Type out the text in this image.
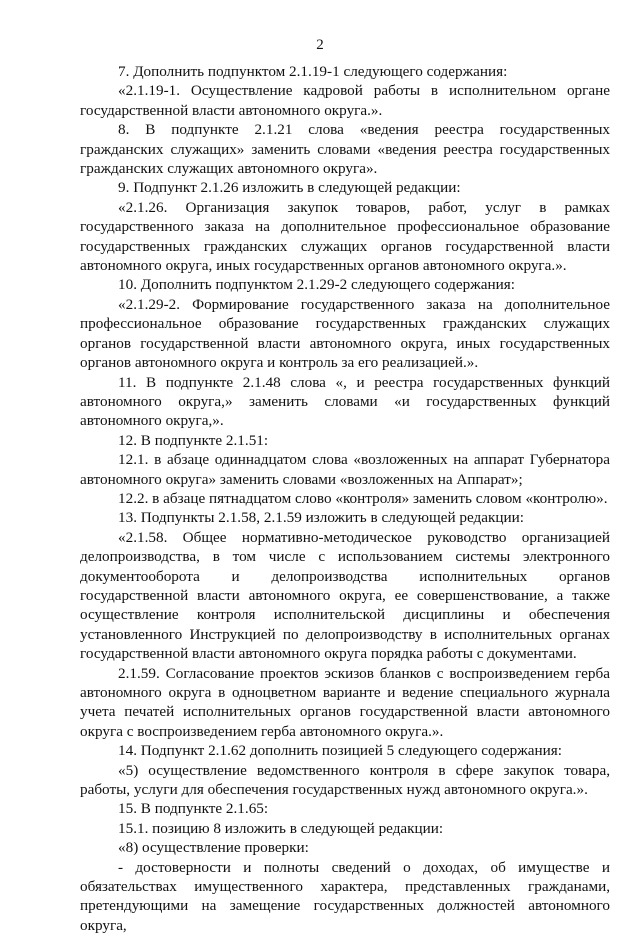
2

7. Дополнить подпунктом 2.1.19-1 следующего содержания:

«2.1.19-1. Осуществление кадровой работы в исполнительном органе государственной власти автономного округа.».

8. В подпункте 2.1.21 слова «ведения реестра государственных гражданских служащих» заменить словами «ведения реестра государственных гражданских служащих автономного округа».

9. Подпункт 2.1.26 изложить в следующей редакции:

«2.1.26. Организация закупок товаров, работ, услуг в рамках государственного заказа на дополнительное профессиональное образование государственных гражданских служащих органов государственной власти автономного округа, иных государственных органов автономного округа.».

10. Дополнить подпунктом 2.1.29-2 следующего содержания:

«2.1.29-2. Формирование государственного заказа на дополнительное профессиональное образование государственных гражданских служащих органов государственной власти автономного округа, иных государственных органов автономного округа и контроль за его реализацией.».

11. В подпункте 2.1.48 слова «, и реестра государственных функций автономного округа,» заменить словами «и государственных функций автономного округа,».

12. В подпункте 2.1.51:

12.1. в абзаце одиннадцатом слова «возложенных на аппарат Губернатора автономного округа» заменить словами «возложенных на Аппарат»;

12.2. в абзаце пятнадцатом слово «контроля» заменить словом «контролю».

13. Подпункты 2.1.58, 2.1.59 изложить в следующей редакции:

«2.1.58. Общее нормативно-методическое руководство организацией делопроизводства, в том числе с использованием системы электронного документооборота и делопроизводства исполнительных органов государственной власти автономного округа, ее совершенствование, а также осуществление контроля исполнительской дисциплины и обеспечения установленного Инструкцией по делопроизводству в исполнительных органах государственной власти автономного округа порядка работы с документами.

2.1.59. Согласование проектов эскизов бланков с воспроизведением герба автономного округа в одноцветном варианте и ведение специального журнала учета печатей исполнительных органов государственной власти автономного округа с воспроизведением герба автономного округа.».

14. Подпункт 2.1.62 дополнить позицией 5 следующего содержания:

«5) осуществление ведомственного контроля в сфере закупок товара, работы, услуги для обеспечения государственных нужд автономного округа.».

15. В подпункте 2.1.65:

15.1. позицию 8 изложить в следующей редакции:

«8) осуществление проверки:

- достоверности и полноты сведений о доходах, об имуществе и обязательствах имущественного характера, представленных гражданами, претендующими на замещение государственных должностей автономного округа,
